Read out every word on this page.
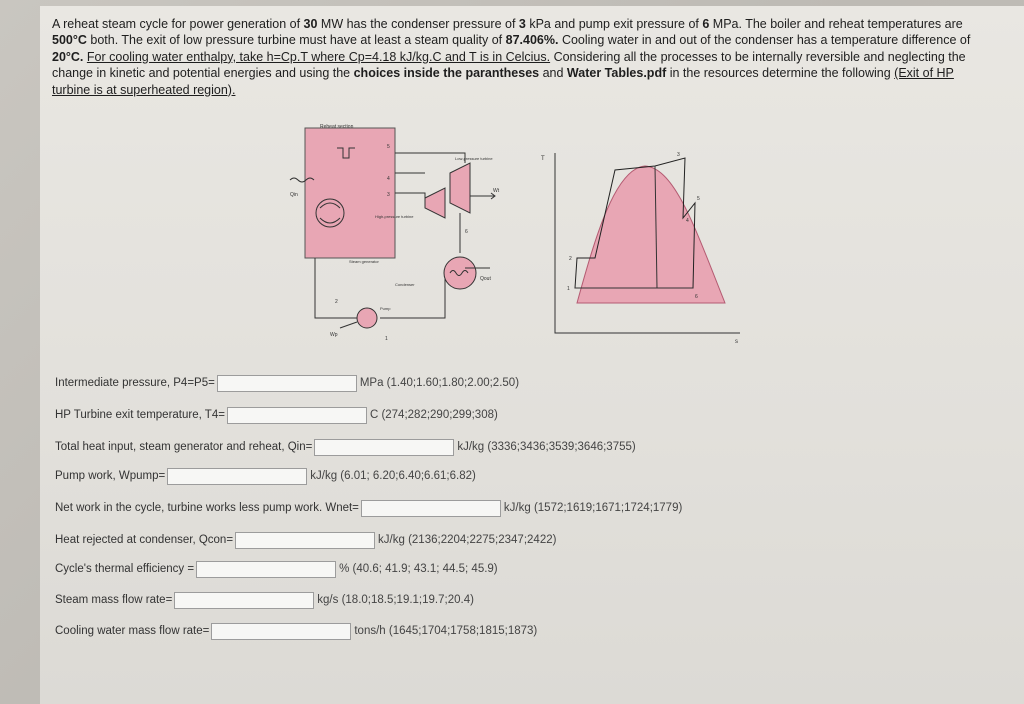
A reheat steam cycle for power generation of 30 MW has the condenser pressure of 3 kPa and pump exit pressure of 6 MPa. The boiler and reheat temperatures are 500°C both. The exit of low pressure turbine must have at least a steam quality of 87.406%. Cooling water in and out of the condenser has a temperature difference of 20°C. For cooling water enthalpy, take h=Cp.T where Cp=4.18 kJ/kg.C and T is in Celcius. Considering all the processes to be internally reversible and neglecting the change in kinetic and potential energies and using the choices inside the parantheses and Water Tables.pdf in the resources determine the following (Exit of HP turbine is at superheated region).
Reheat section
Steam generator
Qin
5
4
3
High-pressure turbine
Low-pressure turbine
Wt
6
Qout
Condenser
Pump
2
1
Wp
T
s
2
1
3
4
5
6
Intermediate pressure, P4=P5=	MPa (1.40;1.60;1.80;2.00;2.50)
HP Turbine exit temperature, T4=	C (274;282;290;299;308)
Total heat input, steam generator and reheat, Qin=	kJ/kg (3336;3436;3539;3646;3755)
Pump work, Wpump=	kJ/kg (6.01; 6.20;6.40;6.61;6.82)
Net work in the cycle, turbine works less pump work. Wnet=	kJ/kg (1572;1619;1671;1724;1779)
Heat rejected at condenser, Qcon=	kJ/kg (2136;2204;2275;2347;2422)
Cycle's thermal efficiency =	% (40.6; 41.9; 43.1; 44.5; 45.9)
Steam mass flow rate=	kg/s (18.0;18.5;19.1;19.7;20.4)
Cooling water mass flow rate=	tons/h (1645;1704;1758;1815;1873)
